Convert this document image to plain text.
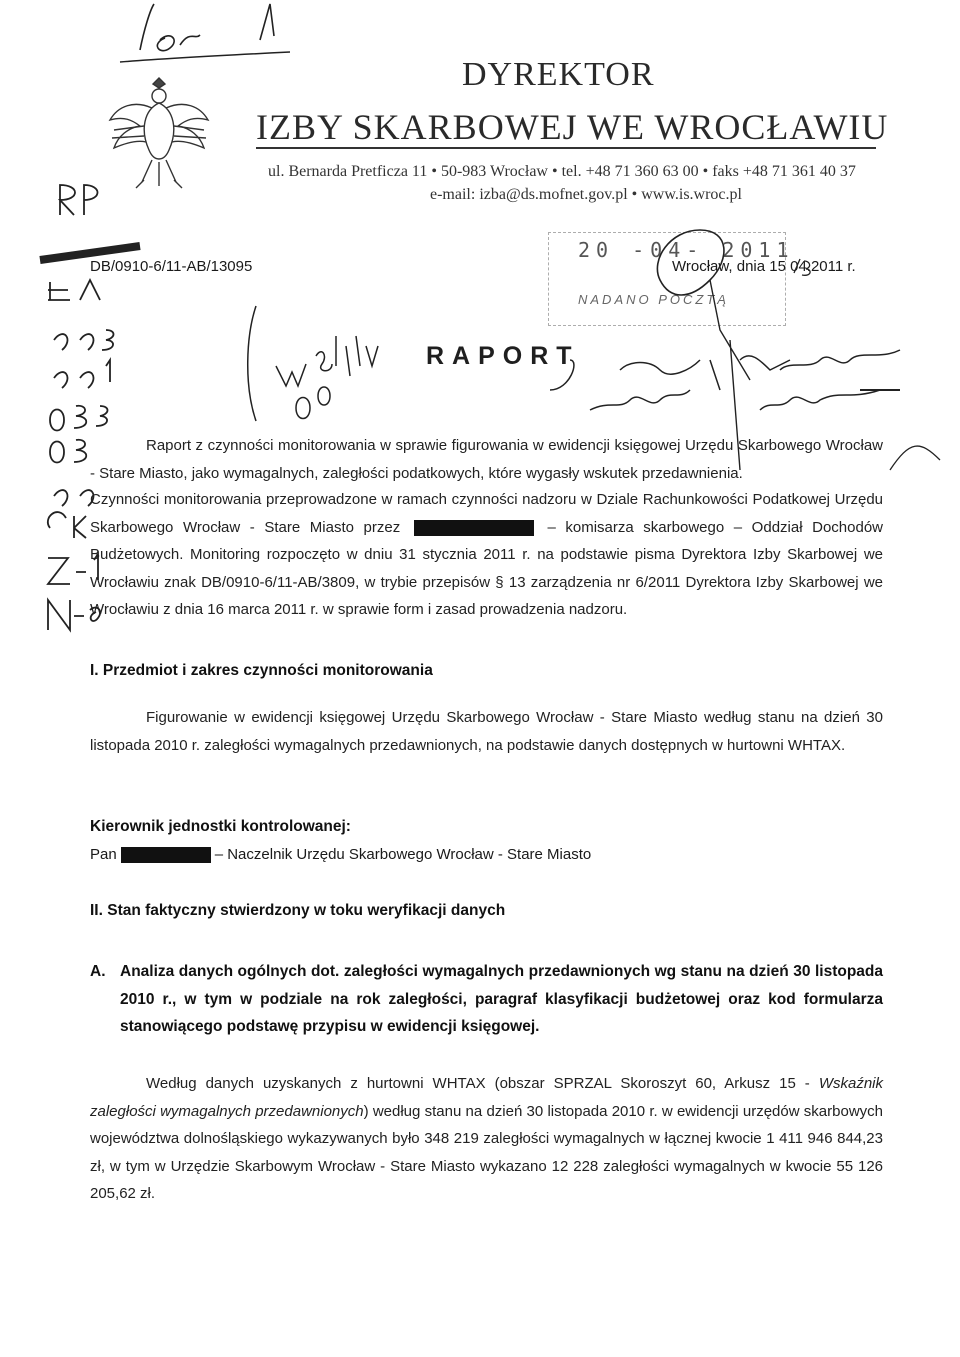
DYREKTOR
IZBY SKARBOWEJ WE WROCŁAWIU
ul. Bernarda Pretficza 11 • 50-983 Wrocław • tel. +48 71 360 63 00 • faks +48 71 361 40 37
e-mail: izba@ds.mofnet.gov.pl • www.is.wroc.pl
20 -04- 2011
NADANO POCZTĄ
DB/0910-6/11-AB/13095	Wrocław, dnia 15 04.2011 r.
RAPORT
Raport z czynności monitorowania w sprawie figurowania w ewidencji księgowej Urzędu Skarbowego Wrocław - Stare Miasto, jako wymagalnych, zaległości podatkowych, które wygasły wskutek przedawnienia.
Czynności monitorowania przeprowadzone w ramach czynności nadzoru w Dziale Rachunkowości Podatkowej Urzędu Skarbowego Wrocław - Stare Miasto przez	– komisarza skarbowego – Oddział Dochodów Budżetowych. Monitoring rozpoczęto w dniu 31 stycznia 2011 r. na podstawie pisma Dyrektora Izby Skarbowej we Wrocławiu znak DB/0910-6/11-AB/3809, w trybie przepisów § 13 zarządzenia nr 6/2011 Dyrektora Izby Skarbowej we Wrocławiu z dnia 16 marca 2011 r. w sprawie form i zasad prowadzenia nadzoru.
I. Przedmiot i zakres czynności monitorowania
Figurowanie w ewidencji księgowej Urzędu Skarbowego Wrocław - Stare Miasto według stanu na dzień 30 listopada 2010 r. zaległości wymagalnych przedawnionych, na podstawie danych dostępnych w hurtowni WHTAX.
Kierownik jednostki kontrolowanej:
Pan	– Naczelnik Urzędu Skarbowego Wrocław - Stare Miasto
II. Stan faktyczny stwierdzony w toku weryfikacji danych
A. Analiza danych ogólnych dot. zaległości wymagalnych przedawnionych wg stanu na dzień 30 listopada 2010 r., w tym w podziale na rok zaległości, paragraf klasyfikacji budżetowej oraz kod formularza stanowiącego podstawę przypisu w ewidencji księgowej.
Według danych uzyskanych z hurtowni WHTAX (obszar SPRZAL Skoroszyt 60, Arkusz 15 - Wskaźnik zaległości wymagalnych przedawnionych) według stanu na dzień 30 listopada 2010 r. w ewidencji urzędów skarbowych województwa dolnośląskiego wykazywanych było 348 219 zaległości wymagalnych w łącznej kwocie 1 411 946 844,23 zł, w tym w Urzędzie Skarbowym Wrocław - Stare Miasto wykazano 12 228 zaległości wymagalnych w kwocie 55 126 205,62 zł.
